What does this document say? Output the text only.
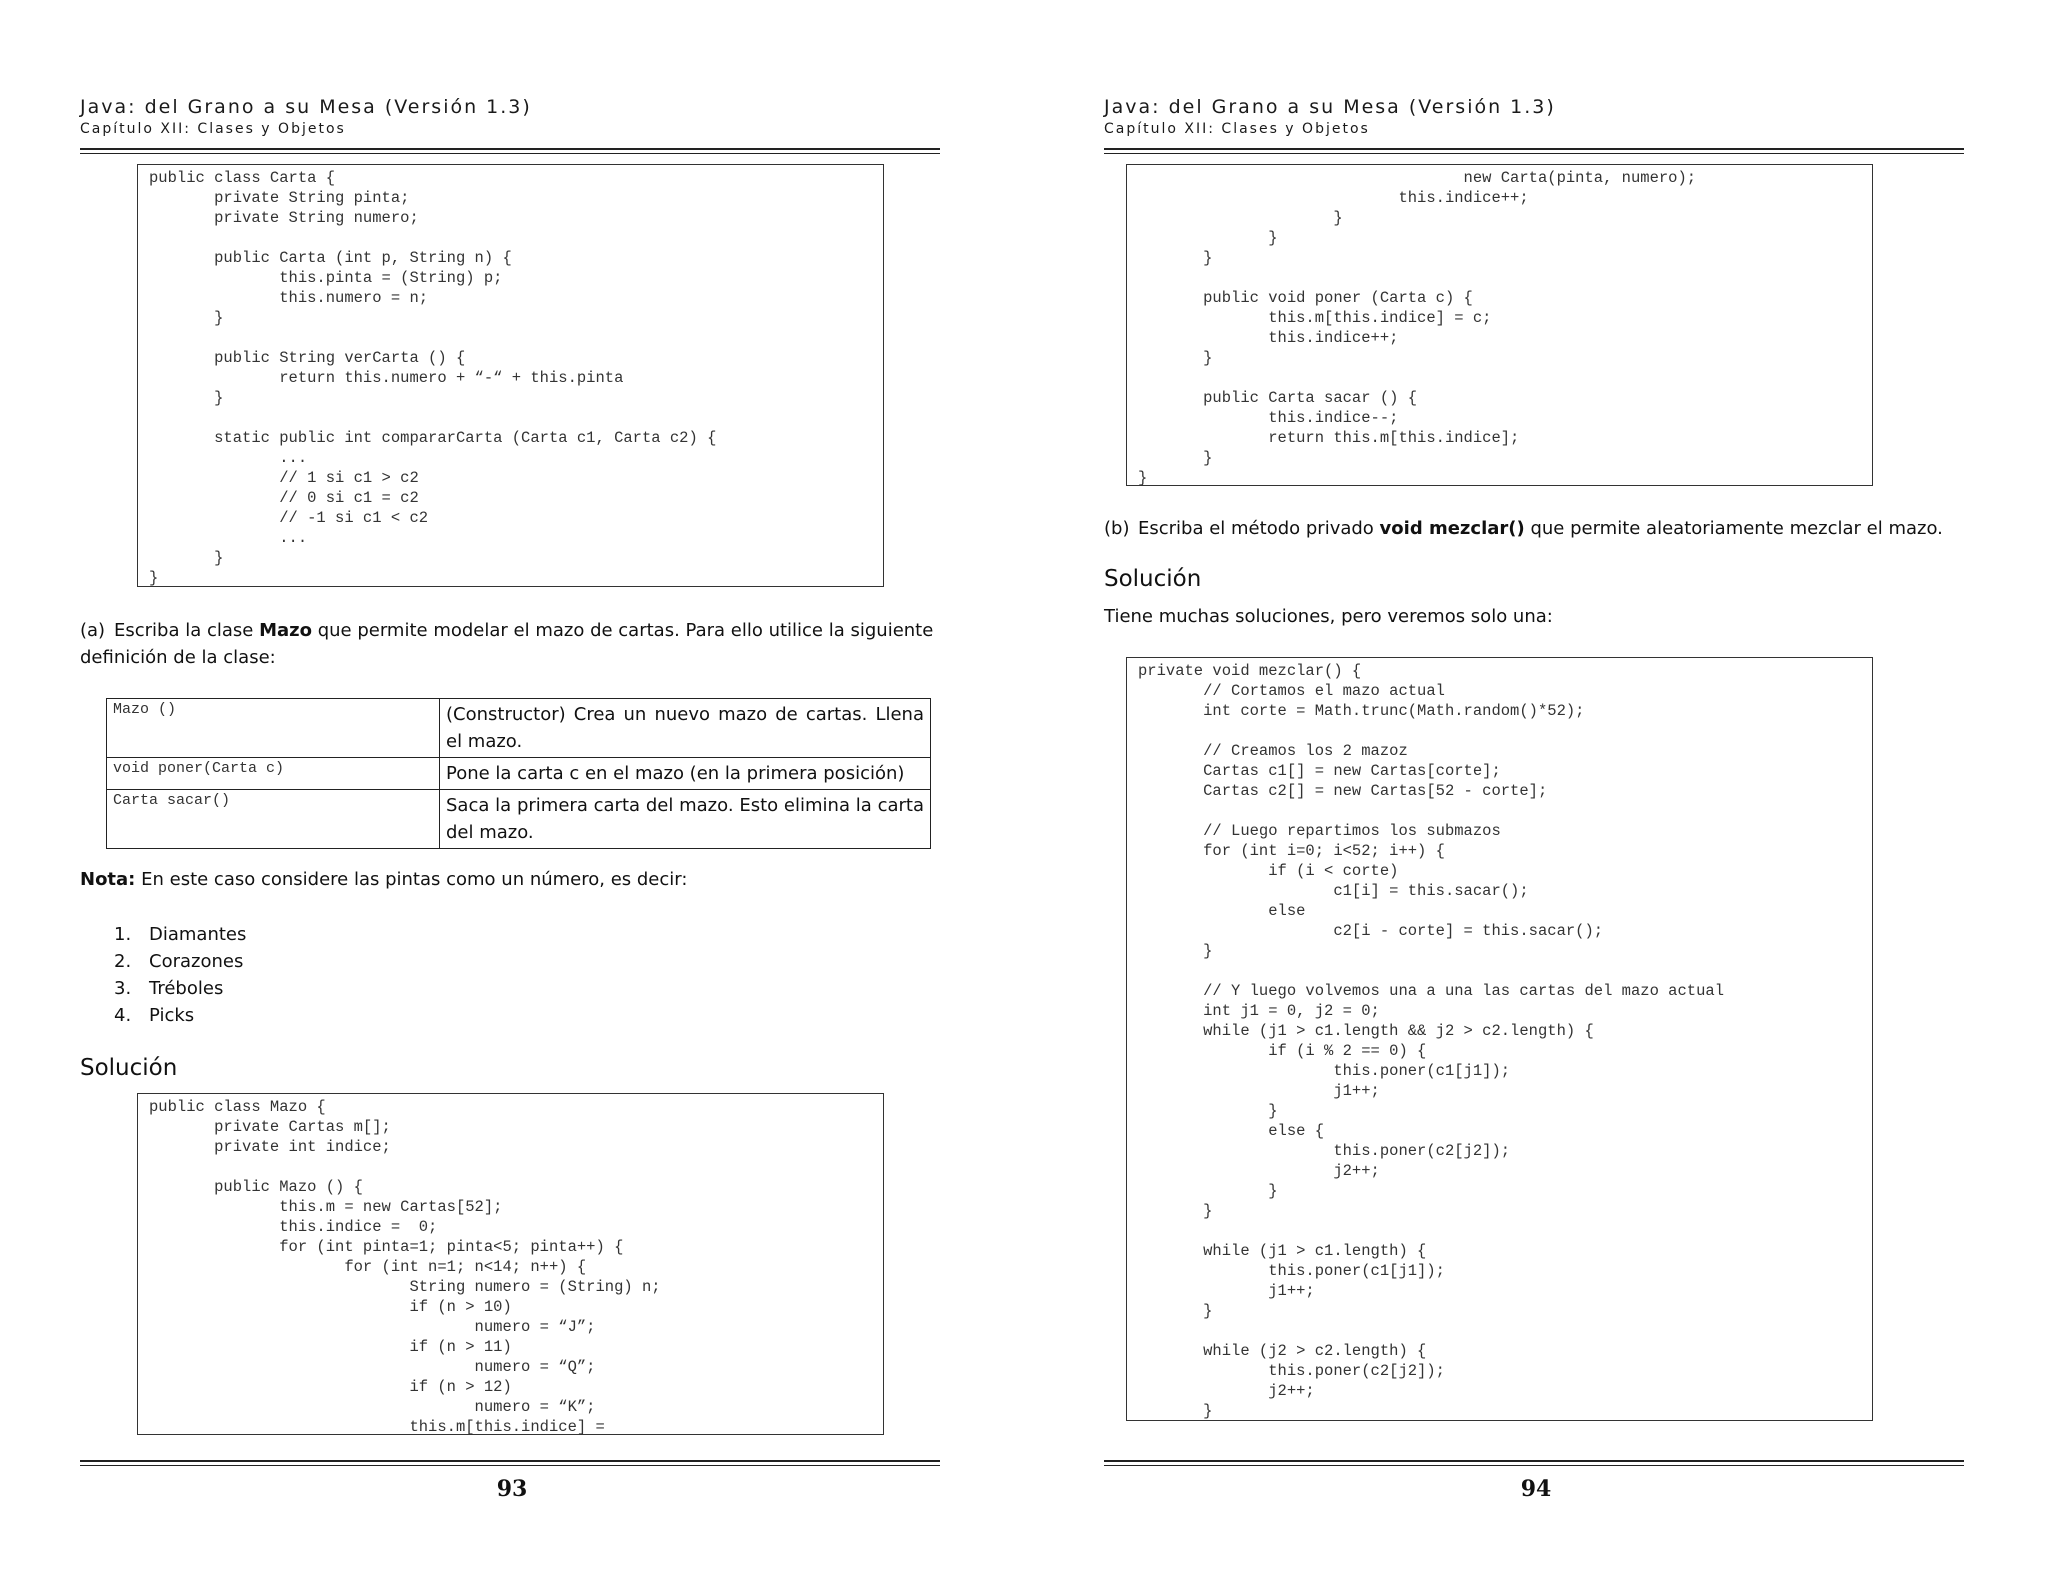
Java: del Grano a su Mesa (Versión 1.3)
Capítulo XII: Clases y Objetos
public class Carta {
private String pinta;
private String numero;

public Carta (int p, String n) {
this.pinta = (String) p;
this.numero = n;
}

public String verCarta () {
return this.numero + “-“ + this.pinta
}

static public int compararCarta (Carta c1, Carta c2) {
...
// 1 si c1 > c2
// 0 si c1 = c2
// -1 si c1 < c2
...
}
}
(a) Escriba la clase Mazo que permite modelar el mazo de cartas. Para ello utilice la siguiente definición de la clase:
Mazo ()	(Constructor) Crea un nuevo mazo de cartas. Llena el mazo.
void poner(Carta c)	Pone la carta c en el mazo (en la primera posición)
Carta sacar()	Saca la primera carta del mazo. Esto elimina la carta del mazo.
Nota: En este caso considere las pintas como un número, es decir:
1. Diamantes
2. Corazones
3. Tréboles
4. Picks
Solución
public class Mazo {
private Cartas m[];
private int indice;

public Mazo () {
this.m = new Cartas[52];
this.indice =  0;
for (int pinta=1; pinta<5; pinta++) {
for (int n=1; n<14; n++) {
String numero = (String) n;
if (n > 10)
numero = “J”;
if (n > 11)
numero = “Q”;
if (n > 12)
numero = “K”;
this.m[this.indice] =
93
Java: del Grano a su Mesa (Versión 1.3)
Capítulo XII: Clases y Objetos
new Carta(pinta, numero);
this.indice++;
}
}
}

public void poner (Carta c) {
this.m[this.indice] = c;
this.indice++;
}

public Carta sacar () {
this.indice--;
return this.m[this.indice];
}
}
(b) Escriba el método privado void mezclar() que permite aleatoriamente mezclar el mazo.
Solución
Tiene muchas soluciones, pero veremos solo una:
private void mezclar() {
// Cortamos el mazo actual
int corte = Math.trunc(Math.random()*52);

// Creamos los 2 mazoz
Cartas c1[] = new Cartas[corte];
Cartas c2[] = new Cartas[52 - corte];

// Luego repartimos los submazos
for (int i=0; i<52; i++) {
if (i < corte)
c1[i] = this.sacar();
else
c2[i - corte] = this.sacar();
}

// Y luego volvemos una a una las cartas del mazo actual
int j1 = 0, j2 = 0;
while (j1 > c1.length && j2 > c2.length) {
if (i % 2 == 0) {
this.poner(c1[j1]);
j1++;
}
else {
this.poner(c2[j2]);
j2++;
}
}

while (j1 > c1.length) {
this.poner(c1[j1]);
j1++;
}

while (j2 > c2.length) {
this.poner(c2[j2]);
j2++;
}
94
